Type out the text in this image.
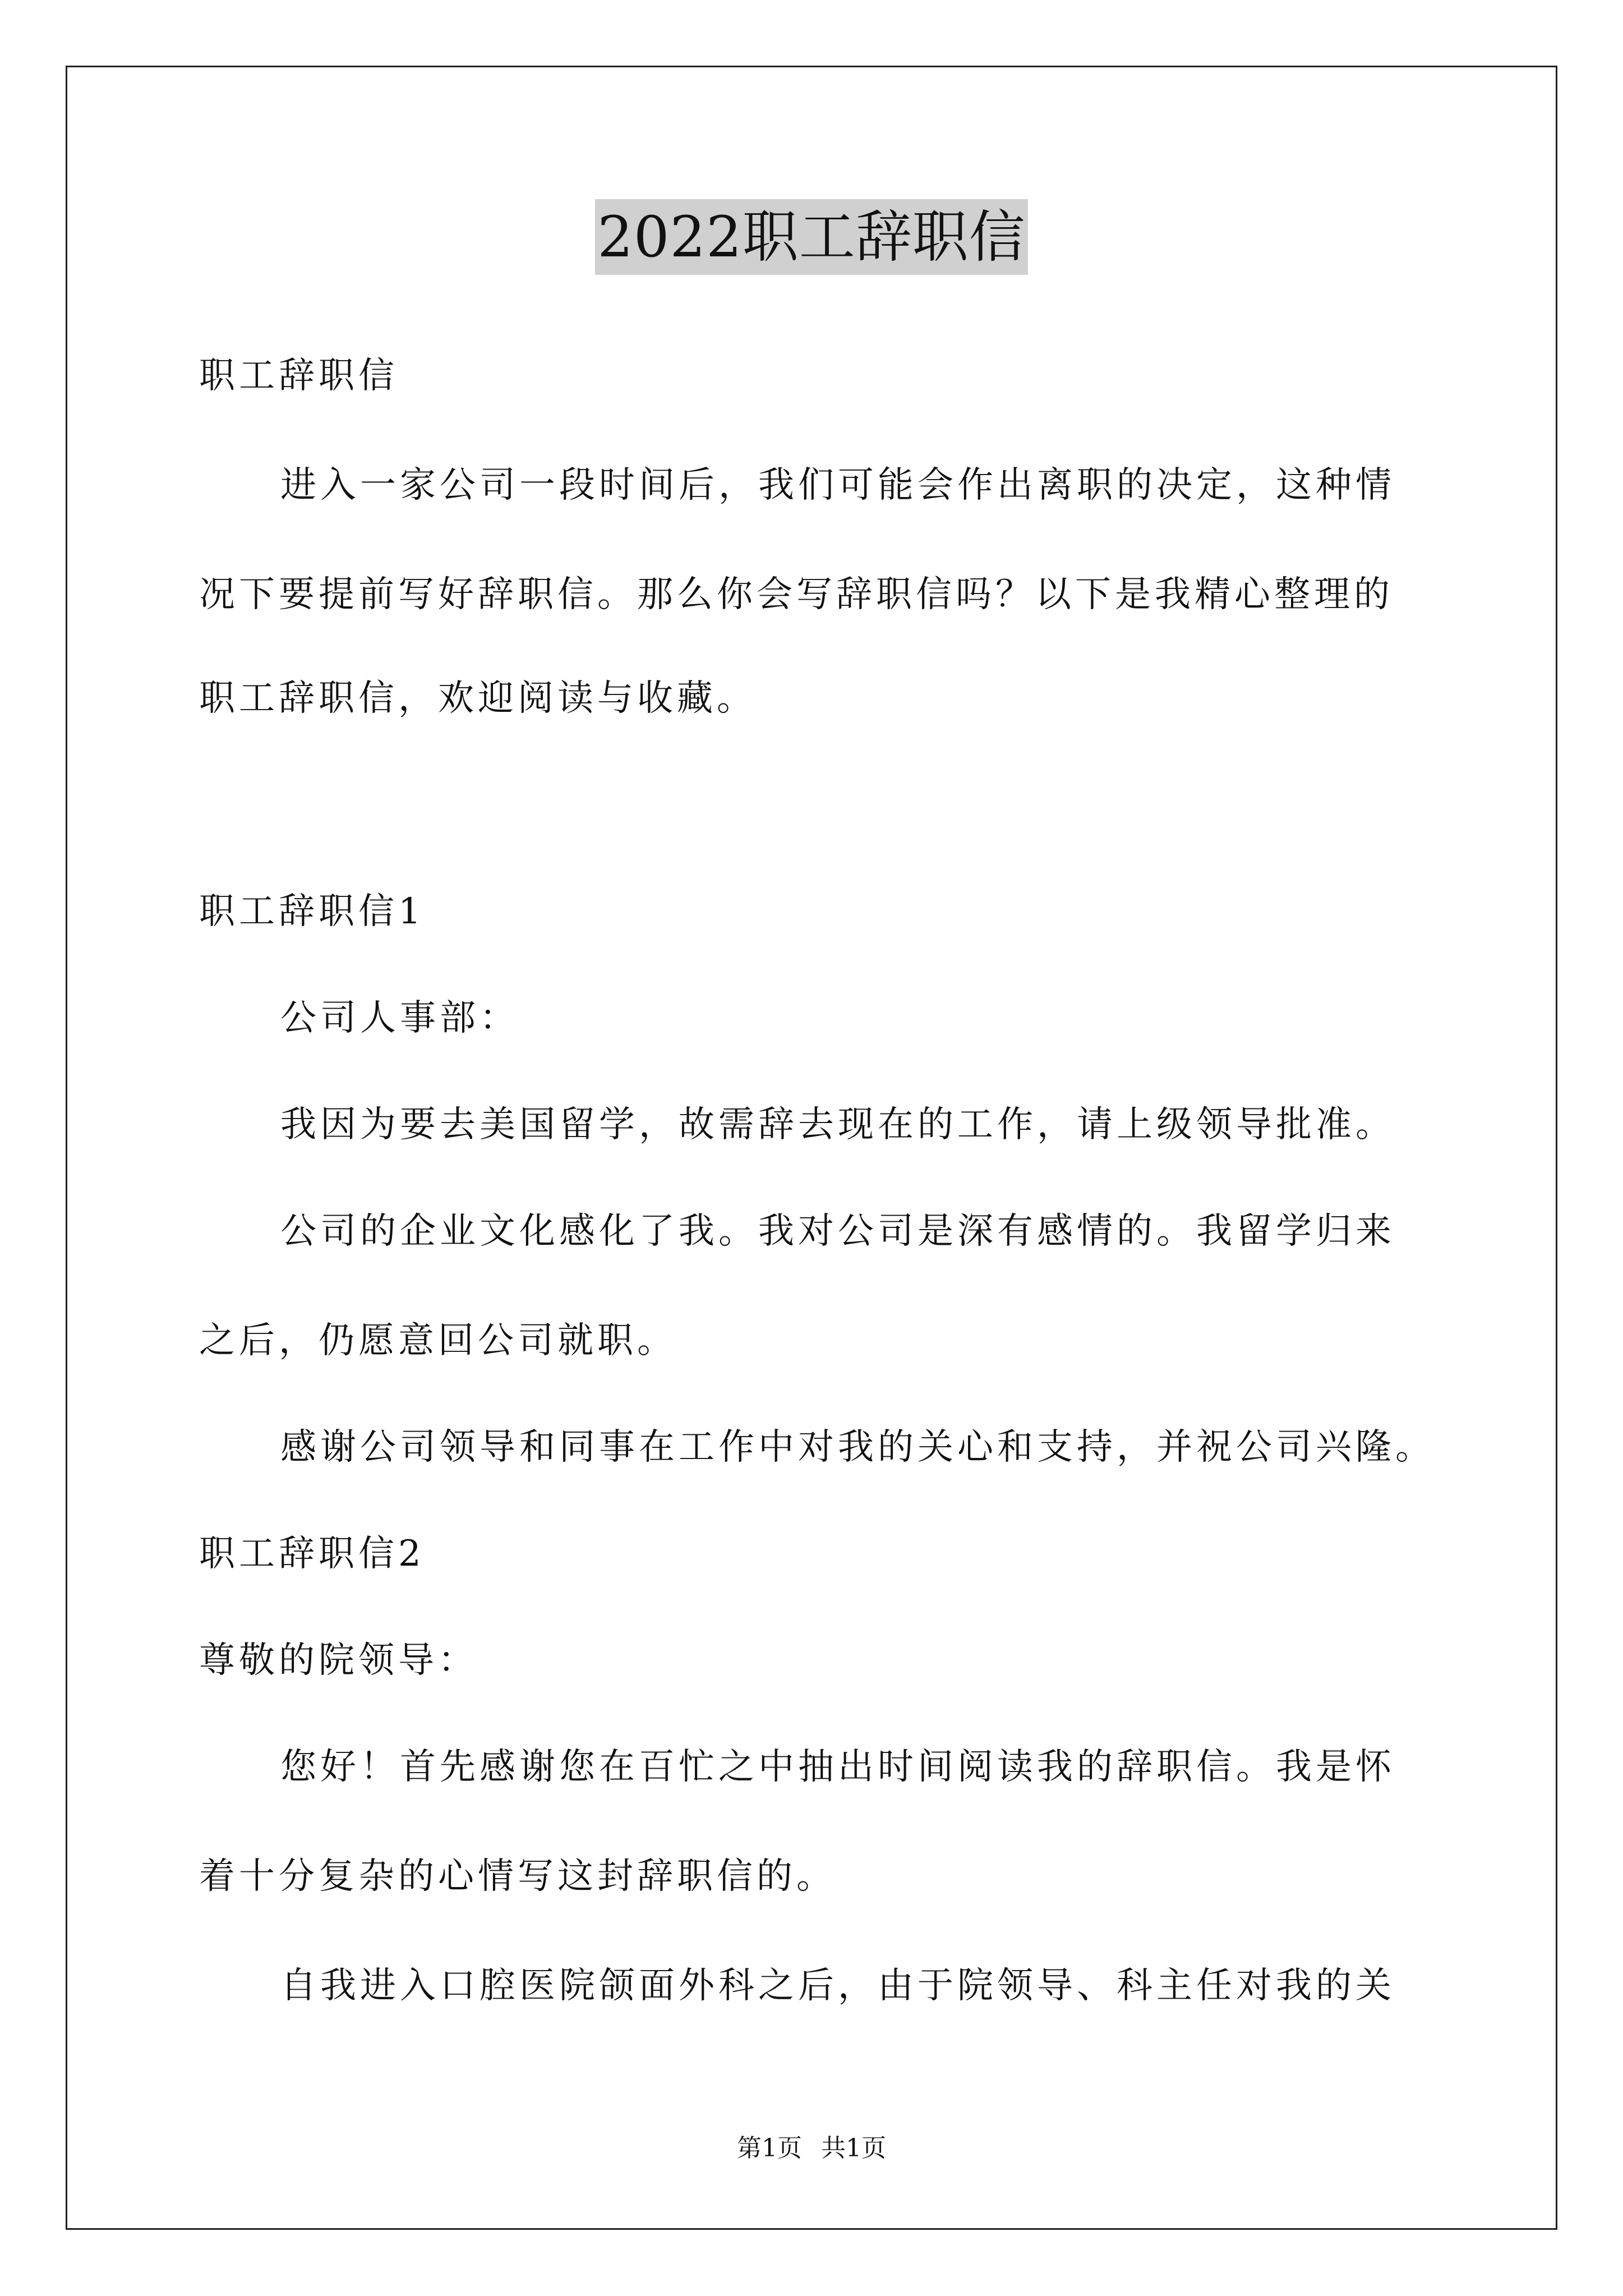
2022职工辞职信
职工辞职信
进入一家公司一段时间后，我们可能会作出离职的决定，这种情
况下要提前写好辞职信。那么你会写辞职信吗？以下是我精心整理的
职工辞职信，欢迎阅读与收藏。
职工辞职信1
公司人事部：
我因为要去美国留学，故需辞去现在的工作，请上级领导批准。
公司的企业文化感化了我。我对公司是深有感情的。我留学归来
之后，仍愿意回公司就职。
感谢公司领导和同事在工作中对我的关心和支持，并祝公司兴隆。
职工辞职信2
尊敬的院领导：
您好！首先感谢您在百忙之中抽出时间阅读我的辞职信。我是怀
着十分复杂的心情写这封辞职信的。
自我进入口腔医院颌面外科之后，由于院领导、科主任对我的关
第1页 共1页
